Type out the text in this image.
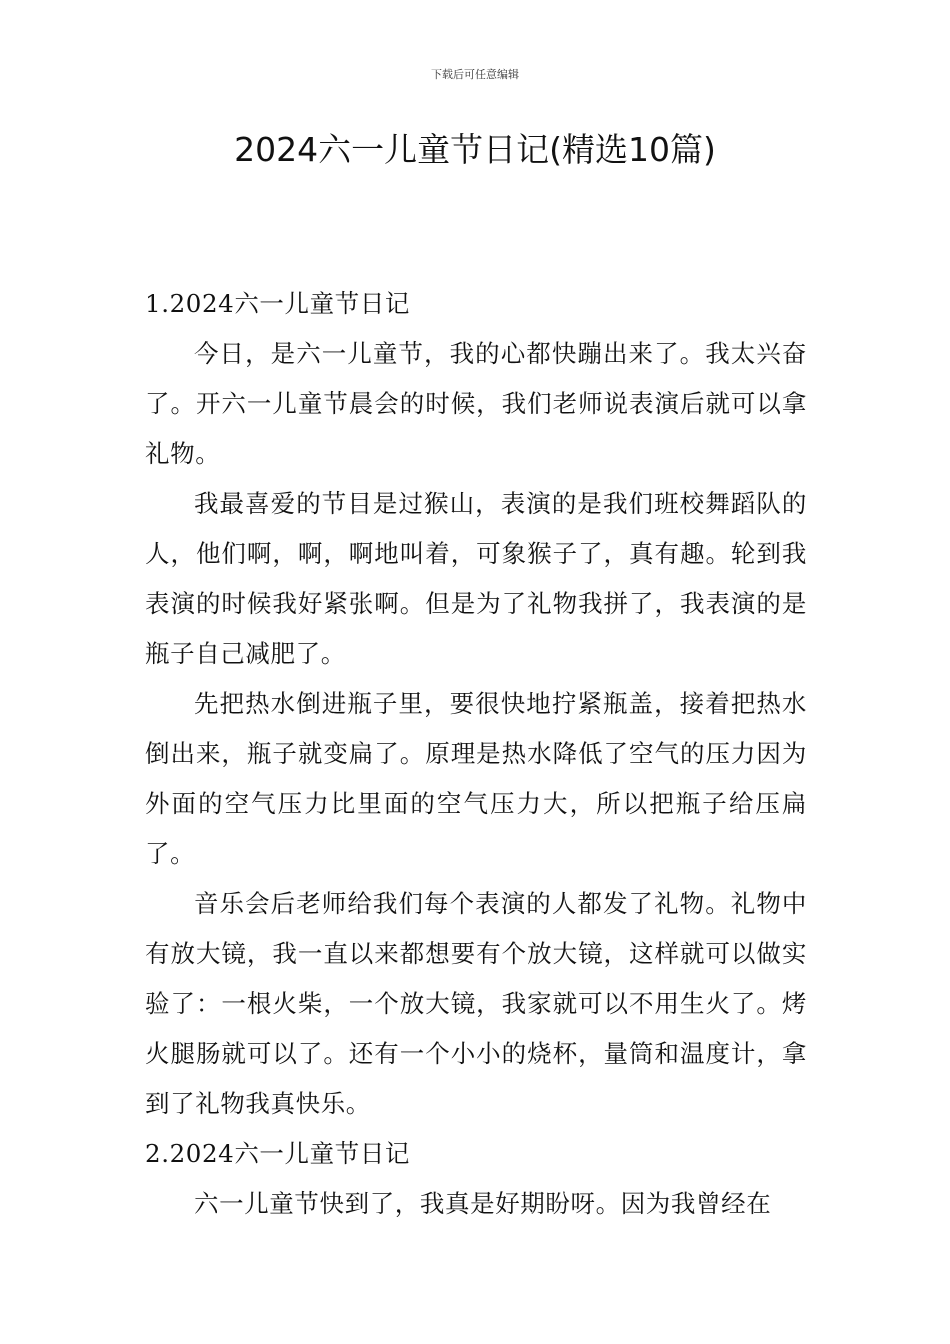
下载后可任意编辑
2024六一儿童节日记(精选10篇)
1.2024六一儿童节日记

今日，是六一儿童节，我的心都快蹦出来了。我太兴奋了。开六一儿童节晨会的时候，我们老师说表演后就可以拿礼物。

我最喜爱的节目是过猴山，表演的是我们班校舞蹈队的人，他们啊，啊，啊地叫着，可象猴子了，真有趣。轮到我表演的时候我好紧张啊。但是为了礼物我拼了，我表演的是瓶子自己减肥了。

先把热水倒进瓶子里，要很快地拧紧瓶盖，接着把热水倒出来，瓶子就变扁了。原理是热水降低了空气的压力因为外面的空气压力比里面的空气压力大，所以把瓶子给压扁了。

音乐会后老师给我们每个表演的人都发了礼物。礼物中有放大镜，我一直以来都想要有个放大镜，这样就可以做实验了：一根火柴，一个放大镜，我家就可以不用生火了。烤火腿肠就可以了。还有一个小小的烧杯，量筒和温度计，拿到了礼物我真快乐。

2.2024六一儿童节日记

六一儿童节快到了，我真是好期盼呀。因为我曾经在
